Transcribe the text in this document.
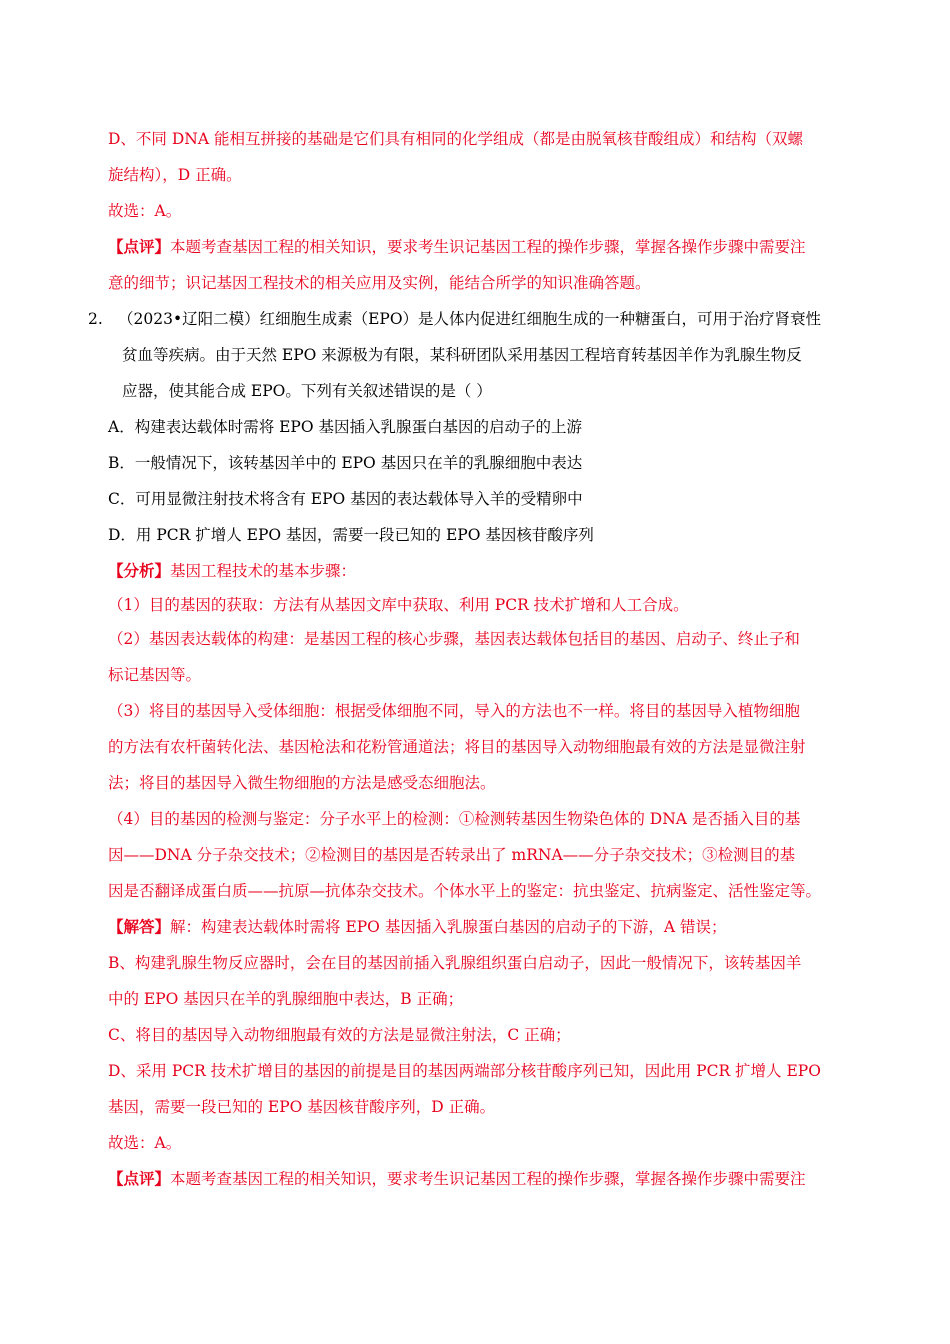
D、不同 DNA 能相互拼接的基础是它们具有相同的化学组成（都是由脱氧核苷酸组成）和结构（双螺
旋结构），D 正确。
故选：A。
【点评】本题考查基因工程的相关知识，要求考生识记基因工程的操作步骤，掌握各操作步骤中需要注
意的细节；识记基因工程技术的相关应用及实例，能结合所学的知识准确答题。
2. （2023•辽阳二模）红细胞生成素（EPO）是人体内促进红细胞生成的一种糖蛋白，可用于治疗肾衰性
贫血等疾病。由于天然 EPO 来源极为有限，某科研团队采用基因工程培育转基因羊作为乳腺生物反
应器，使其能合成 EPO。下列有关叙述错误的是（ ）
A．构建表达载体时需将 EPO 基因插入乳腺蛋白基因的启动子的上游
B．一般情况下，该转基因羊中的 EPO 基因只在羊的乳腺细胞中表达
C．可用显微注射技术将含有 EPO 基因的表达载体导入羊的受精卵中
D．用 PCR 扩增人 EPO 基因，需要一段已知的 EPO 基因核苷酸序列
【分析】基因工程技术的基本步骤：
（1）目的基因的获取：方法有从基因文库中获取、利用 PCR 技术扩增和人工合成。
（2）基因表达载体的构建：是基因工程的核心步骤，基因表达载体包括目的基因、启动子、终止子和
标记基因等。
（3）将目的基因导入受体细胞：根据受体细胞不同，导入的方法也不一样。将目的基因导入植物细胞
的方法有农杆菌转化法、基因枪法和花粉管通道法；将目的基因导入动物细胞最有效的方法是显微注射
法；将目的基因导入微生物细胞的方法是感受态细胞法。
（4）目的基因的检测与鉴定：分子水平上的检测：①检测转基因生物染色体的 DNA 是否插入目的基
因——DNA 分子杂交技术；②检测目的基因是否转录出了 mRNA——分子杂交技术；③检测目的基
因是否翻译成蛋白质——抗原—抗体杂交技术。个体水平上的鉴定：抗虫鉴定、抗病鉴定、活性鉴定等。
【解答】解：构建表达载体时需将 EPO 基因插入乳腺蛋白基因的启动子的下游，A 错误；
B、构建乳腺生物反应器时，会在目的基因前插入乳腺组织蛋白启动子，因此一般情况下，该转基因羊
中的 EPO 基因只在羊的乳腺细胞中表达，B 正确；
C、将目的基因导入动物细胞最有效的方法是显微注射法，C 正确；
D、采用 PCR 技术扩增目的基因的前提是目的基因两端部分核苷酸序列已知，因此用 PCR 扩增人 EPO
基因，需要一段已知的 EPO 基因核苷酸序列，D 正确。
故选：A。
【点评】本题考查基因工程的相关知识，要求考生识记基因工程的操作步骤，掌握各操作步骤中需要注
